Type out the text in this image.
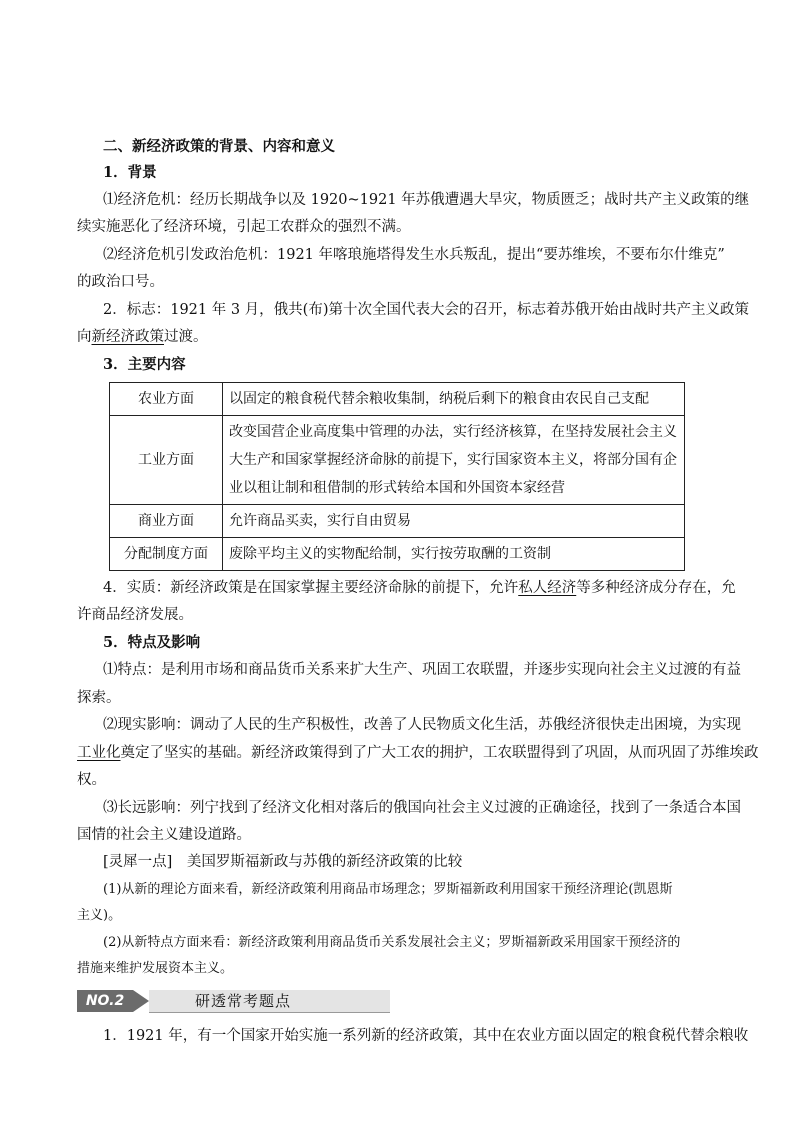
二、新经济政策的背景、内容和意义
1．背景
⑴经济危机：经历长期战争以及 1920~1921 年苏俄遭遇大旱灾，物质匮乏；战时共产主义政策的继
续实施恶化了经济环境，引起工农群众的强烈不满。
⑵经济危机引发政治危机：1921 年喀琅施塔得发生水兵叛乱，提出“要苏维埃，不要布尔什维克”
的政治口号。
2．标志：1921 年 3 月，俄共(布)第十次全国代表大会的召开，标志着苏俄开始由战时共产主义政策
向新经济政策过渡。
3．主要内容
农业方面	以固定的粮食税代替余粮收集制，纳税后剩下的粮食由农民自己支配
工业方面	改变国营企业高度集中管理的办法，实行经济核算，在坚持发展社会主义
大生产和国家掌握经济命脉的前提下，实行国家资本主义，将部分国有企
业以租让制和租借制的形式转给本国和外国资本家经营

商业方面	允许商品买卖，实行自由贸易
分配制度方面	废除平均主义的实物配给制，实行按劳取酬的工资制
4．实质：新经济政策是在国家掌握主要经济命脉的前提下，允许私人经济等多种经济成分存在，允
许商品经济发展。
5．特点及影响
⑴特点：是利用市场和商品货币关系来扩大生产、巩固工农联盟，并逐步实现向社会主义过渡的有益
探索。
⑵现实影响：调动了人民的生产积极性，改善了人民物质文化生活，苏俄经济很快走出困境，为实现
工业化奠定了坚实的基础。新经济政策得到了广大工农的拥护，工农联盟得到了巩固，从而巩固了苏维埃政
权。
⑶长远影响：列宁找到了经济文化相对落后的俄国向社会主义过渡的正确途径，找到了一条适合本国
国情的社会主义建设道路。
[灵犀一点]　美国罗斯福新政与苏俄的新经济政策的比较
(1)从新的理论方面来看，新经济政策利用商品市场理念；罗斯福新政利用国家干预经济理论(凯恩斯
主义)。
(2)从新特点方面来看：新经济政策利用商品货币关系发展社会主义；罗斯福新政采用国家干预经济的
措施来维护发展资本主义。
NO.2	研透常考题点
1．1921 年，有一个国家开始实施一系列新的经济政策，其中在农业方面以固定的粮食税代替余粮收
